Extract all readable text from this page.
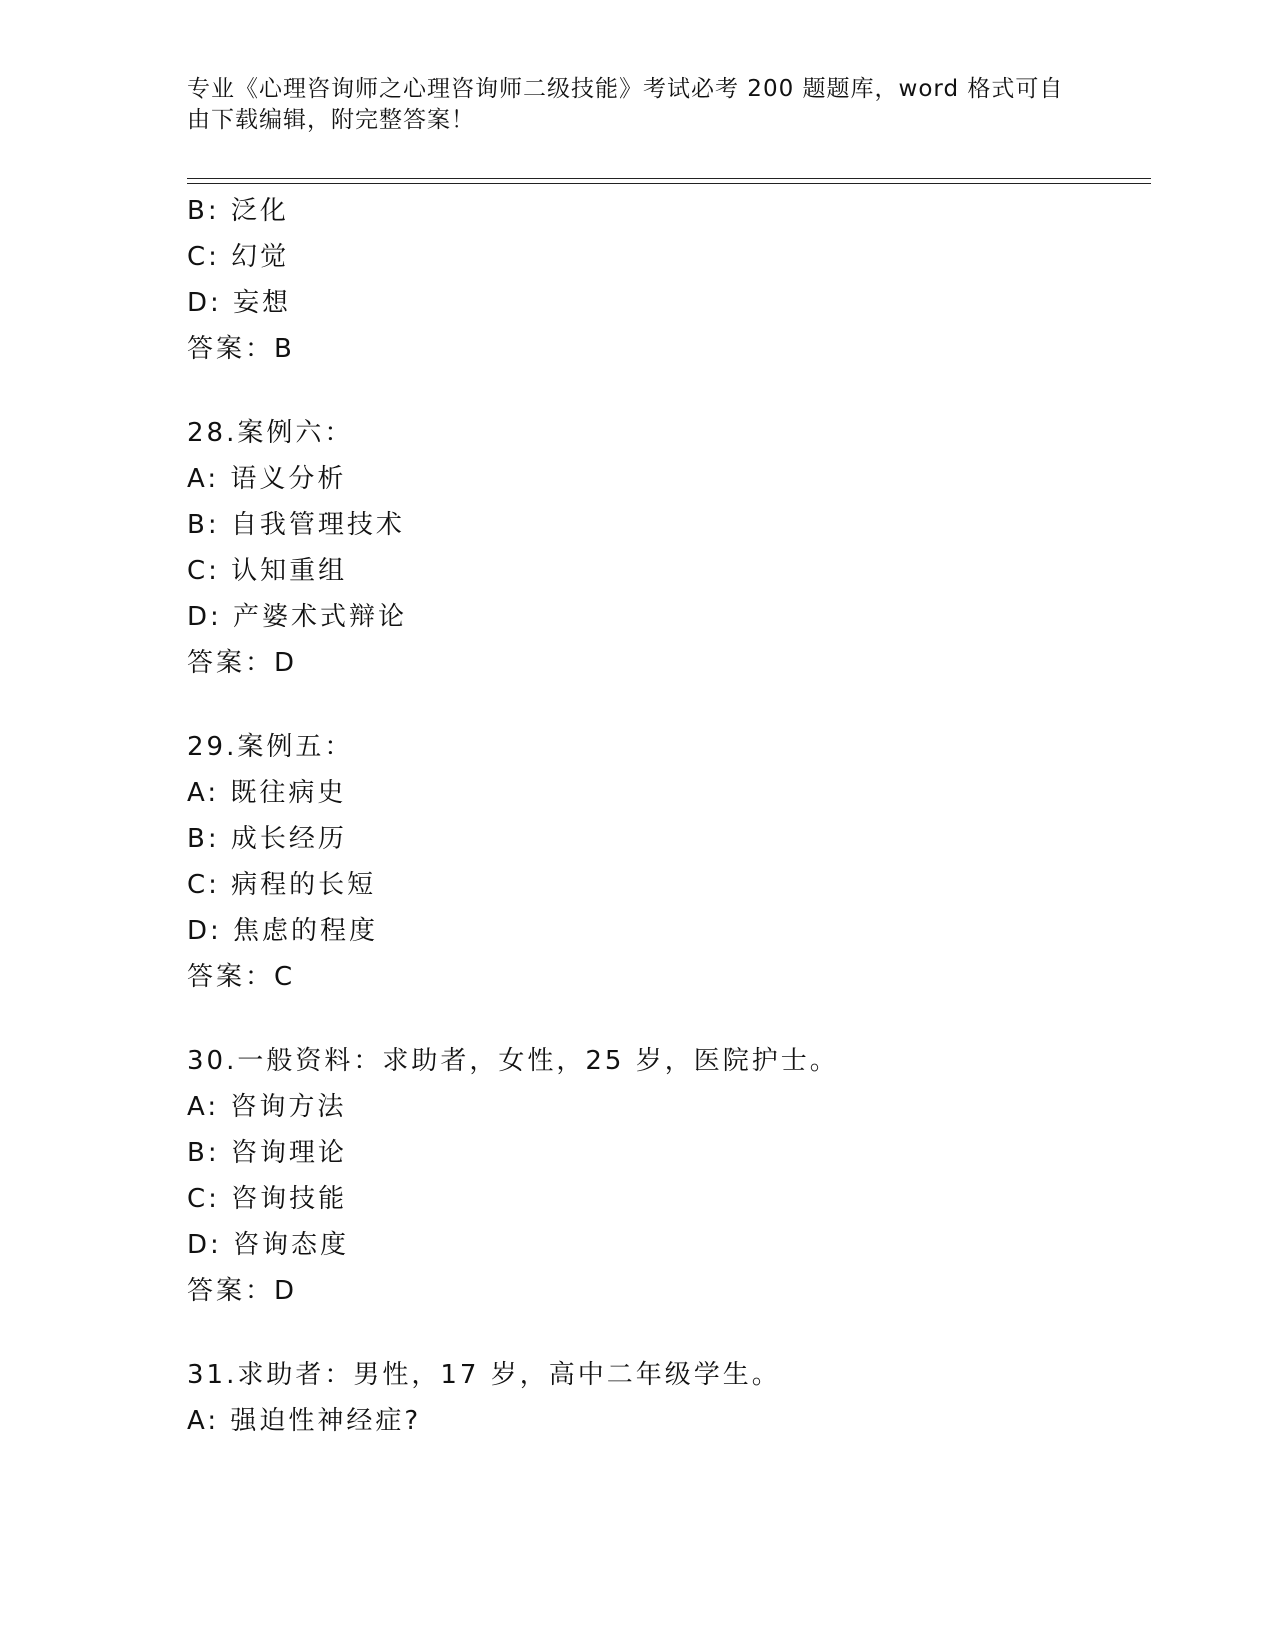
专业《心理咨询师之心理咨询师二级技能》考试必考 200 题题库，word 格式可自
由下载编辑，附完整答案！
B: 泛化
C: 幻觉
D: 妄想
答案：B
28.案例六：
A: 语义分析
B: 自我管理技术
C: 认知重组
D: 产婆术式辩论
答案：D
29.案例五：
A: 既往病史
B: 成长经历
C: 病程的长短
D: 焦虑的程度
答案：C
30.一般资料：求助者，女性，25 岁，医院护士。
A: 咨询方法
B: 咨询理论
C: 咨询技能
D: 咨询态度
答案：D
31.求助者：男性，17 岁，高中二年级学生。
A: 强迫性神经症?
